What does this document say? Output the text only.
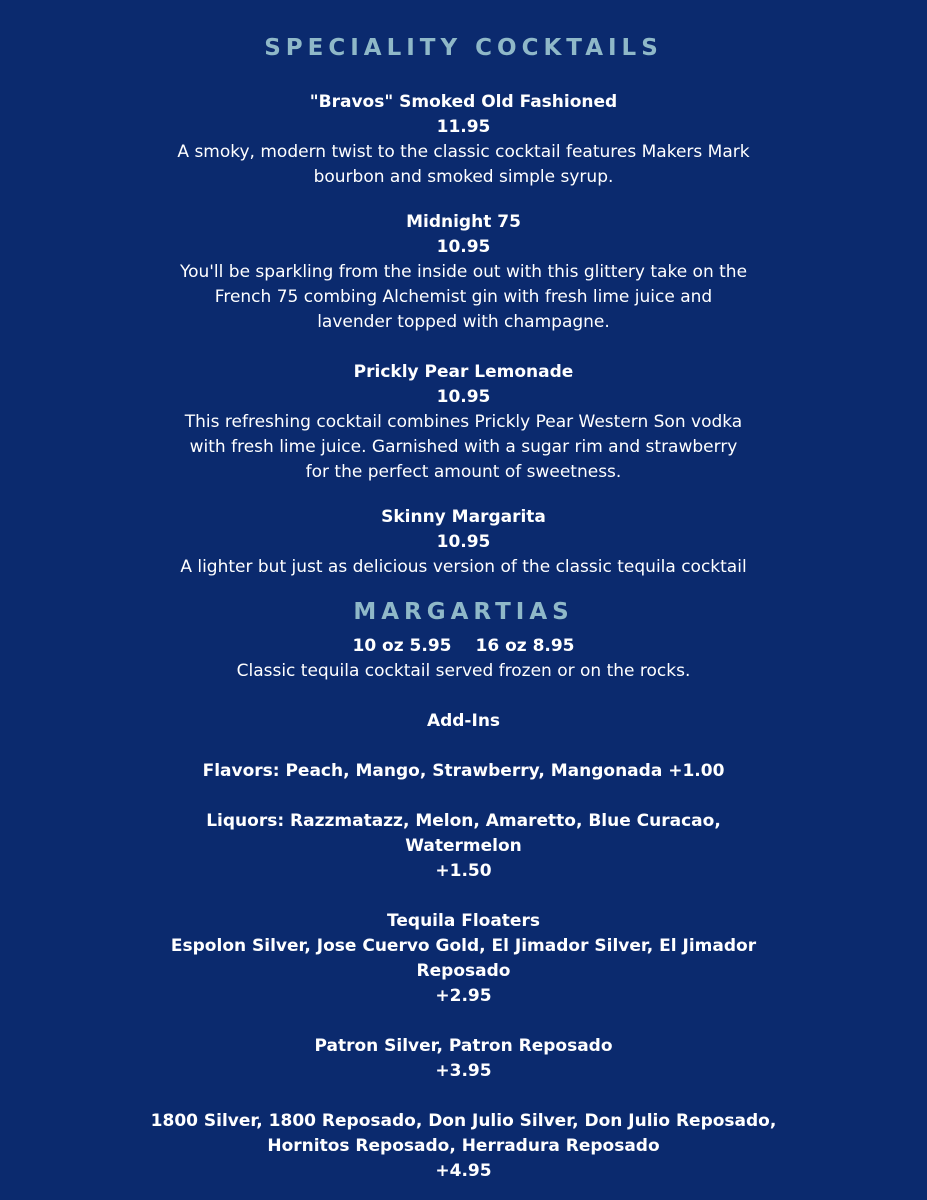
SPECIALITY COCKTAILS
"Bravos" Smoked Old Fashioned
11.95
A smoky, modern twist to the classic cocktail features Makers Mark
bourbon and smoked simple syrup.
Midnight 75
10.95
You'll be sparkling from the inside out with this glittery take on the
French 75 combing Alchemist gin with fresh lime juice and
lavender topped with champagne.
Prickly Pear Lemonade
10.95
This refreshing cocktail combines Prickly Pear Western Son vodka
with fresh lime juice. Garnished with a sugar rim and strawberry
for the perfect amount of sweetness.
Skinny Margarita
10.95
A lighter but just as delicious version of the classic tequila cocktail
MARGARTIAS
10 oz 5.95 16 oz 8.95
Classic tequila cocktail served frozen or on the rocks.
Add-Ins
Flavors: Peach, Mango, Strawberry, Mangonada +1.00
Liquors: Razzmatazz, Melon, Amaretto, Blue Curacao,
Watermelon
+1.50
Tequila Floaters
Espolon Silver, Jose Cuervo Gold, El Jimador Silver, El Jimador
Reposado
+2.95
Patron Silver, Patron Reposado
+3.95
1800 Silver, 1800 Reposado, Don Julio Silver, Don Julio Reposado,
Hornitos Reposado, Herradura Reposado
+4.95
